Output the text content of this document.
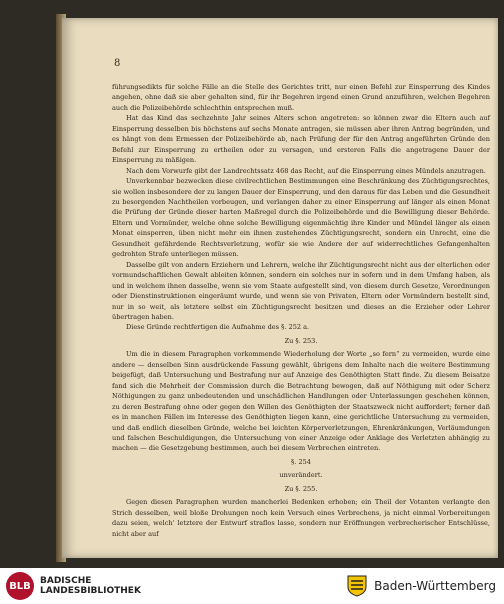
8

führungsedikts für solche Fälle an die Stelle des Gerichtes tritt, nur einen Befehl zur Einsperrung des Kindes angehen, ohne daß sie aber gehalten sind, für ihr Begehren irgend einen Grund anzuführen, welchen Begehren auch die Polizeibehörde schlechthin entsprechen muß.

Hat das Kind das sechzehnte Jahr seines Alters schon angetreten: so können zwar die Eltern auch auf Einsperrung desselben bis höchstens auf sechs Monate antragen, sie müssen aber ihren Antrag begründen, und es hängt von dem Ermessen der Polizeibehörde ab, nach Prüfung der für den Antrag angeführten Gründe den Befehl zur Einsperrung zu ertheilen oder zu versagen, und ersteren Falls die angetragene Dauer der Einsperrung zu mäßigen.

Nach dem Vorwurfe gibt der Landrechtssatz 468 das Recht, auf die Einsperrung eines Mündels anzutragen.

Unverkennbar bezwecken diese civilrechtlichen Bestimmungen eine Beschränkung des Züchtigungsrechtes, sie wollen insbesondere der zu langen Dauer der Einsperrung, und den daraus für das Leben und die Gesundheit zu besorgenden Nachtheilen vorbeugen, und verlangen daher zu einer Einsperrung auf länger als einen Monat die Prüfung der Gründe dieser harten Maßregel durch die Polizeibehörde und die Bewilligung dieser Behörde. Eltern und Vormünder, welche ohne solche Bewilligung eigenmächtig ihre Kinder und Mündel länger als einen Monat einsperren, üben nicht mehr ein ihnen zustehendes Züchtigungsrecht, sondern ein Unrecht, eine die Gesundheit gefährdende Rechtsverletzung, wofür sie wie Andere der auf widerrechtliches Gefangenhalten gedrohten Strafe unterliegen müssen.

Dasselbe gilt von andern Erziehern und Lehrern, welche ihr Züchtigungsrecht nicht aus der elterlichen oder vormundschaftlichen Gewalt ableiten können, sondern ein solches nur in sofern und in dem Umfang haben, als und in welchem ihnen dasselbe, wenn sie vom Staate aufgestellt sind, von diesem durch Gesetze, Verordnungen oder Dienstinstruktionen eingeräumt wurde, und wenn sie von Privaten, Eltern oder Vormündern bestellt sind, nur in so weit, als letztere selbst ein Züchtigungsrecht besitzen und dieses an die Erzieher oder Lehrer übertragen haben.

Diese Gründe rechtfertigen die Aufnahme des §. 252 a.

Zu §. 253.

Um die in diesem Paragraphen vorkommende Wiederholung der Worte „so fern“ zu vermeiden, wurde eine andere — denselben Sinn ausdrückende Fassung gewählt, übrigens dem Inhalte nach die weitere Bestimmung beigefügt, daß Untersuchung und Bestrafung nur auf Anzeige des Genöthigten Statt finde. Zu diesem Beisatze fand sich die Mehrheit der Commission durch die Betrachtung bewogen, daß auf Nöthigung mit oder Scherz Nöthigungen zu ganz unbedeutenden und unschädlichen Handlungen oder Unterlassungen geschehen können, zu deren Bestrafung ohne oder gegen den Willen des Genöthigten der Staatszweck nicht auffordert; ferner daß es in manchen Fällen im Interesse des Genöthigten liegen kann, eine gerichtliche Untersuchung zu vermeiden, und daß endlich dieselben Gründe, welche bei leichten Körperverletzungen, Ehrenkränkungen, Verläumdungen und falschen Beschuldigungen, die Untersuchung von einer Anzeige oder Anklage des Verletzten abhängig zu machen — die Gesetzgebung bestimmen, auch bei diesem Verbrechen eintreten.

§. 254

unverändert.

Zu §. 255.

Gegen diesen Paragraphen wurden mancherlei Bedenken erhoben; ein Theil der Votanten verlangte den Strich desselben, weil bloße Drohungen noch kein Versuch eines Verbrechens, ja nicht einmal Vorbereitungen dazu seien, welch' letztere der Entwurf straflos lasse, sondern nur Eröffnungen verbrecherischer Entschlüsse, nicht aber auf

BLB	BADISCHE
LANDESBIBLIOTHEK	Baden-Württemberg
